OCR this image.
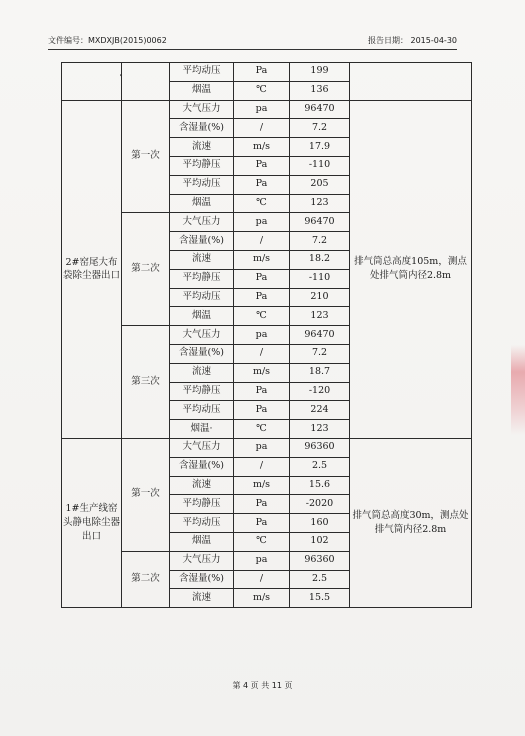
文件编号：MXDXJB(2015)0062	报告日期： 2015-04-30
•
			平均动压	Pa	199	
		烟温	℃	136	
2#窑尾大布袋除尘器出口	第一次	大气压力	pa	96470	排气筒总高度105m，测点处排气筒内径2.8m
		含湿量(%)	/	7.2	
		流速	m/s	17.9	
		平均静压	Pa	-110	
		平均动压	Pa	205	
		烟温	℃	123	
	第二次	大气压力	pa	96470	
		含湿量(%)	/	7.2	
		流速	m/s	18.2	
		平均静压	Pa	-110	
		平均动压	Pa	210	
		烟温	℃	123	
	第三次	大气压力	pa	96470	
		含湿量(%)	/	7.2	
		流速	m/s	18.7	
		平均静压	Pa	-120	
		平均动压	Pa	224	
		烟温·	℃	123	
1#生产线窑头静电除尘器出口	第一次	大气压力	pa	96360	排气筒总高度30m，测点处排气筒内径2.8m
		含湿量(%)	/	2.5	
		流速	m/s	15.6	
		平均静压	Pa	-2020	
		平均动压	Pa	160	
		烟温	℃	102	
	第二次	大气压力	pa	96360	
		含湿量(%)	/	2.5	
		流速	m/s	15.5	
第 4 页 共 11 页
